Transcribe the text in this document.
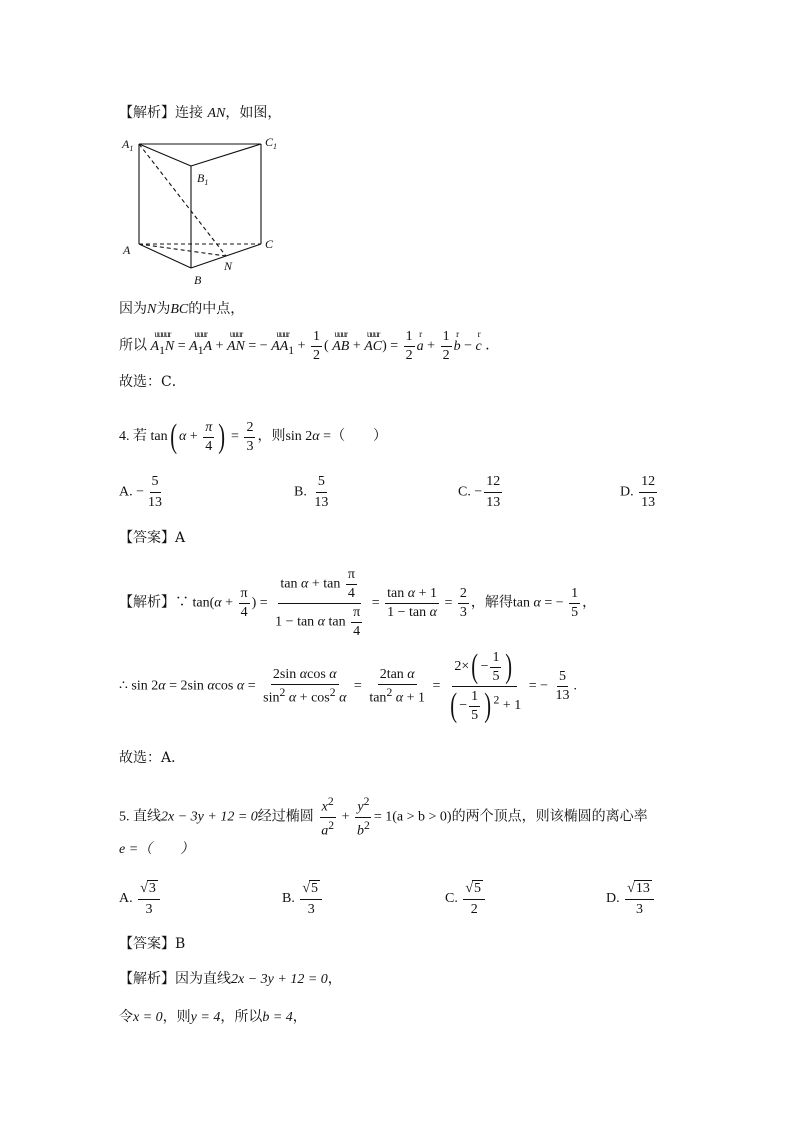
【解析】连接 AN，如图，
$A_1$	$C_1$
$B_1$
A	C
B
N
因为N为BC的中点，
所以
uuuur
$A_1N$ =
uuur
$A_1A$ +
uuur
AN = −
uuur
$AA_1 + \frac{1}{2}$ (
uuur
AB +
uuur
$AC) = \frac{1}{2}$ r
$a + \frac{1}{2}$ r
b −
r
c ．
故选：C．
4. 若 tan( $\alpha + \frac{\pi}{4}$ ) = $\frac{2}{3}$ ，则sin 2α =（　　）
A. − $\frac{5}{13}$	B. $\frac{5}{13}$	C. − $\frac{12}{13}$	D. $\frac{12}{13}$
【答案】A
【解析】∵ $\tan(\alpha + \frac{\pi}{4}$ ) = $\frac{\tan \alpha + \tan \frac{\pi}{4}}{1 - \tan \alpha \tan \frac{\pi}{4}} = \frac{\text{tan α + 1}}{\text{1 − tan α}} = \frac{2}{3}$ ，解得tan α = − $\frac{1}{5}$ ，
∴ sin 2α = 2sin αcos $\alpha = \frac{\text{2sin αcos α}}{\sin^2 \alpha + \cos^2 \alpha} = \frac{\text{2tan α}}{\tan^2 \alpha + 1} = \frac{2\times( - \frac{1}{5} )}{( - \frac{1}{5} ) ^2 + 1}$ = − $\frac{5}{13}$ .
故选：A．
5. 直线2x − 3y + 12 = 0经过椭圆 $\frac{x^2}{a^2} + \frac{y^2}{b^2} = 1(a > b > 0)$的两个顶点，则该椭圆的离心率
e =（　　）
A. $\frac{√3}{3}$	B. $\frac{√5}{3}$	C. $\frac{√5}{2}$	D. $\frac{√13}{3}$
【答案】B
【解析】因为直线2x − 3y + 12 = 0，
令x = 0，则y = 4，所以b = 4，
